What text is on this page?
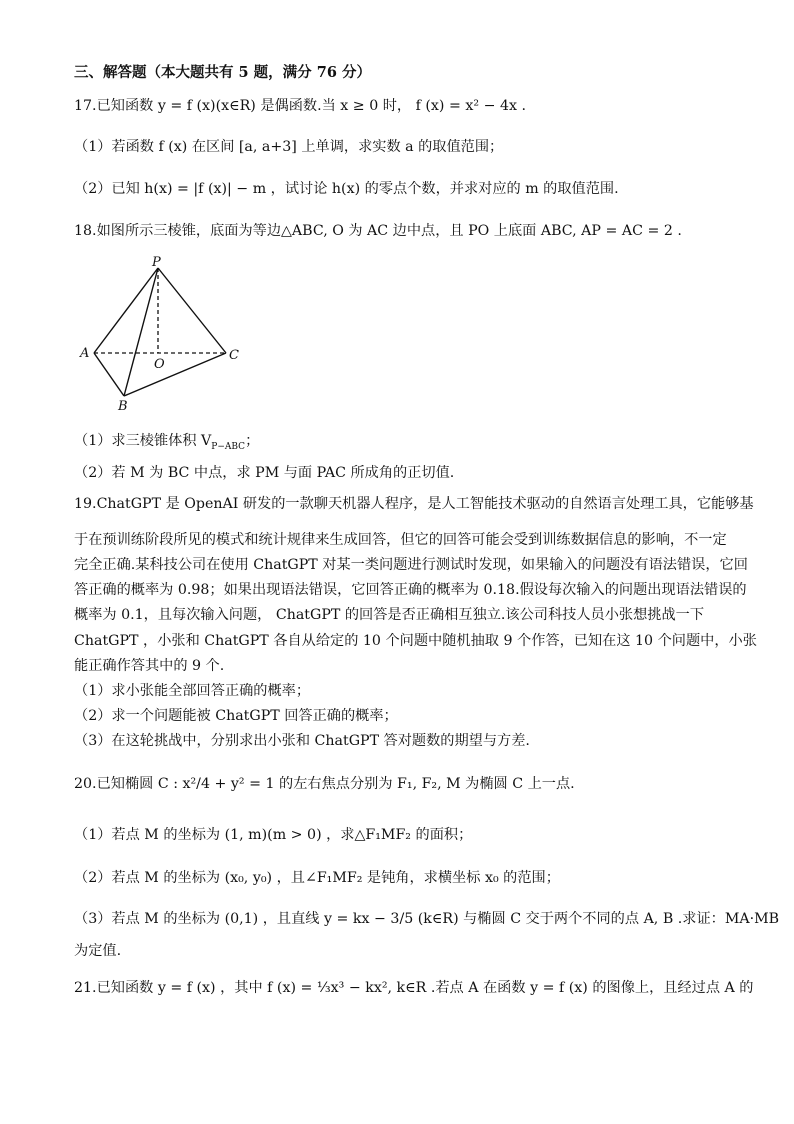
三、解答题（本大题共有 5 题，满分 76 分）
17.已知函数 y = f (x)(x∈R) 是偶函数.当 x ≥ 0 时， f (x) = x² − 4x .
（1）若函数 f (x) 在区间 [a, a+3] 上单调，求实数 a 的取值范围；
（2）已知 h(x) = |f (x)| − m ，试讨论 h(x) 的零点个数，并求对应的 m 的取值范围.
18.如图所示三棱锥，底面为等边△ABC, O 为 AC 边中点，且 PO 上底面 ABC, AP = AC = 2 .
P
A
O
C
B
（1）求三棱锥体积 $V_{P-ABC}$；
（2）若 M 为 BC 中点，求 PM 与面 PAC 所成角的正切值.
19.ChatGPT 是 OpenAI 研发的一款聊天机器人程序，是人工智能技术驱动的自然语言处理工具，它能够基
于在预训练阶段所见的模式和统计规律来生成回答，但它的回答可能会受到训练数据信息的影响，不一定
完全正确.某科技公司在使用 ChatGPT 对某一类问题进行测试时发现，如果输入的问题没有语法错误，它回
答正确的概率为 0.98；如果出现语法错误，它回答正确的概率为 0.18.假设每次输入的问题出现语法错误的
概率为 0.1，且每次输入问题， ChatGPT 的回答是否正确相互独立.该公司科技人员小张想挑战一下
ChatGPT ，小张和 ChatGPT 各自从给定的 10 个问题中随机抽取 9 个作答，已知在这 10 个问题中，小张
能正确作答其中的 9 个.
（1）求小张能全部回答正确的概率；
（2）求一个问题能被 ChatGPT 回答正确的概率；
（3）在这轮挑战中，分别求出小张和 ChatGPT 答对题数的期望与方差.
20.已知椭圆 C : x²/4 + y² = 1 的左右焦点分别为 F₁, F₂, M 为椭圆 C 上一点.
（1）若点 M 的坐标为 (1, m)(m > 0) ，求△F₁MF₂ 的面积；
（2）若点 M 的坐标为 (x₀, y₀) ，且∠F₁MF₂ 是钝角，求横坐标 x₀ 的范围；
（3）若点 M 的坐标为 (0,1) ，且直线 y = kx − 3/5 (k∈R) 与椭圆 C 交于两个不同的点 A, B .求证：MA·MB
为定值.
21.已知函数 y = f (x) ，其中 f (x) = ⅓x³ − kx², k∈R .若点 A 在函数 y = f (x) 的图像上，且经过点 A 的
